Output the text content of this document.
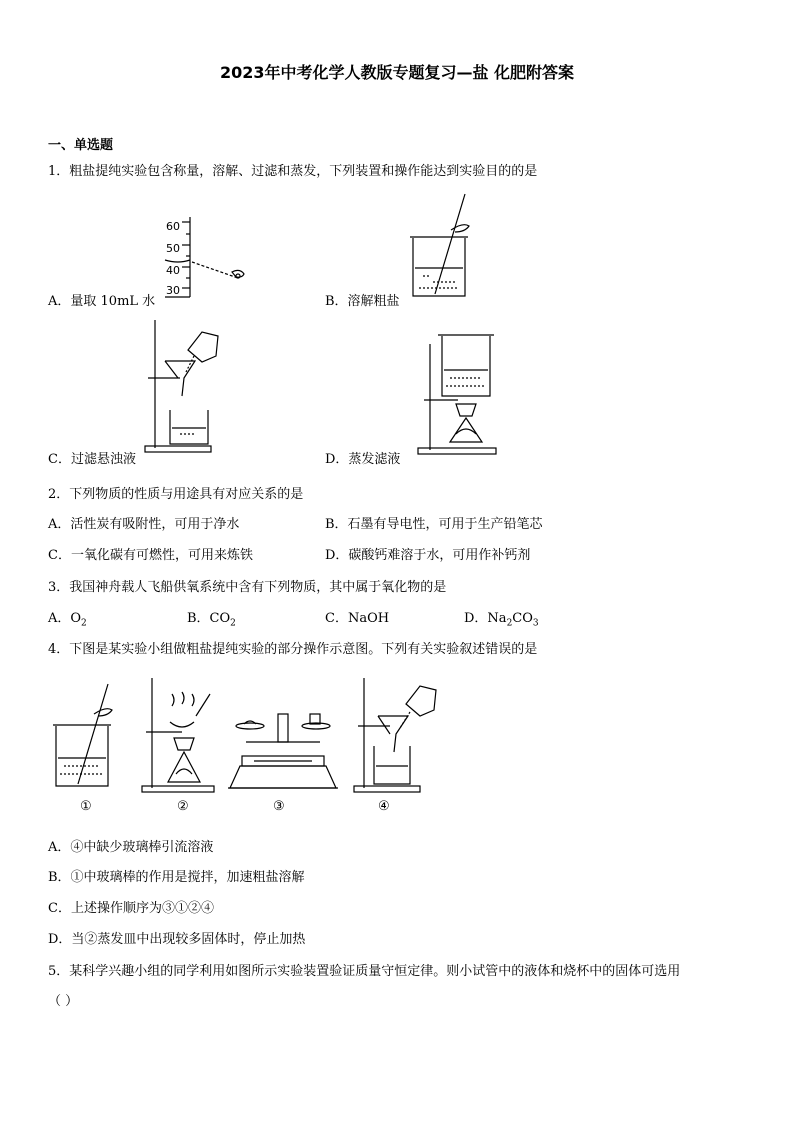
2023年中考化学人教版专题复习—盐 化肥附答案
一、单选题
1．粗盐提纯实验包含称量，溶解、过滤和蒸发，下列装置和操作能达到实验目的的是
60
50
40
30
A．量取 10mL 水	B．溶解粗盐
C．过滤悬浊液	D．蒸发滤液
2．下列物质的性质与用途具有对应关系的是
A．活性炭有吸附性，可用于净水	B．石墨有导电性，可用于生产铅笔芯
C．一氧化碳有可燃性，可用来炼铁	D．碳酸钙难溶于水，可用作补钙剂
3．我国神舟载人飞船供氧系统中含有下列物质，其中属于氧化物的是
A．$O_2$	B．$CO_2$	C．NaOH	D．$Na_2CO_3$
4．下图是某实验小组做粗盐提纯实验的部分操作示意图。下列有关实验叙述错误的是
①	②	③	④
A．④中缺少玻璃棒引流溶液
B．①中玻璃棒的作用是搅拌，加速粗盐溶解
C．上述操作顺序为③①②④
D．当②蒸发皿中出现较多固体时，停止加热
5．某科学兴趣小组的同学利用如图所示实验装置验证质量守恒定律。则小试管中的液体和烧杯中的固体可选用
（ ）
